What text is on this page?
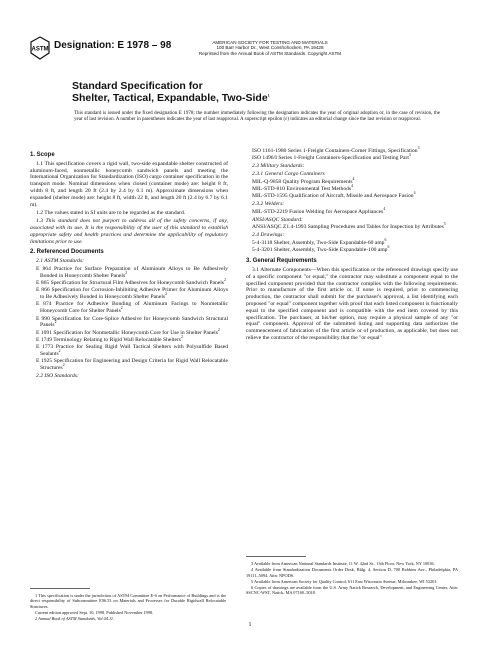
ASTM Designation: E 1978 – 98	AMERICAN SOCIETY FOR TESTING AND MATERIALS
100 Barr Harbor Dr., West Conshohocken, PA 19428
Reprinted from the Annual Book of ASTM Standards. Copyright ASTM
Standard Specification for
Shelter, Tactical, Expandable, Two-Side$^1$
This standard is issued under the fixed designation E 1978; the number immediately following the designation indicates the year of original adoption or, in the case of revision, the year of last revision. A number in parentheses indicates the year of last reapproval. A superscript epsilon (ε) indicates an editorial change since the last revision or reapproval.
1. Scope
1.1 This specification covers a rigid wall, two-side expandable shelter constructed of aluminum-faced, nonmetallic honeycomb sandwich panels and meeting the International Organization for Standardization (ISO) cargo container specification in the transport mode. Nominal dimensions when closed (container mode) are: height 8 ft, width 8 ft, and length 20 ft (2.4 by 2.4 by 6.1 m). Approximate dimensions when expanded (shelter mode) are: height 8 ft, width 22 ft, and length 20 ft (2.4 by 6.7 by 6.1 m).
1.2 The values stated in SI units are to be regarded as the standard.
1.3 This standard does not purport to address all of the safety concerns, if any, associated with its use. It is the responsibility of the user of this standard to establish appropriate safety and health practices and determine the applicability of regulatory limitations prior to use.
2. Referenced Documents
2.1 ASTM Standards:
E 864 Practice for Surface Preparation of Aluminum Alloys to Be Adhesively Bonded in Honeycomb Shelter Panels$^2$
E 865 Specification for Structural Film Adhesives for Honeycomb Sandwich Panels$^2$
E 866 Specification for Corrosion-Inhibiting Adhesive Primer for Aluminum Alloys to Be Adhesively Bonded in Honeycomb Shelter Panels$^2$
E 874 Practice for Adhesive Bonding of Aluminum Facings to Nonmetallic Honeycomb Core for Shelter Panels$^2$
E 990 Specification for Core-Splice Adhesive for Honeycomb Sandwich Structural Panels$^2$
E 1091 Specification for Nonmetallic Honeycomb Core for Use in Shelter Panels$^2$
E 1749 Terminology Relating to Rigid Wall Relocatable Shelters$^2$
E 1773 Practice for Sealing Rigid Wall Tactical Shelters with Polysulfide Based Sealants$^2$
E 1925 Specification for Engineering and Design Criteria for Rigid Wall Relocatable Structures$^2$
2.2 ISO Standards:
ISO 1161-1980 Series 1-Freight Containers-Corner Fittings, Specification$^3$
ISO 1496/I Series 1-Freight Containers-Specification and Testing Part$^3$
2.3 Military Standards:
2.3.1 General Cargo Containers
MIL-Q-9858 Quality Program Requirements$^4$
MIL-STD-810 Environmental Test Methods$^4$
MIL-STD-1595 Qualification of Aircraft, Missile and Aerospace Fusion$^4$
2.3.2 Welders:
MIL-STD-2219 Fusion Welding for Aerospace Appliances$^4$
ANSI/ASQC Standard:
ANSI/ASQC Z1.4-1993 Sampling Procedures and Tables for Inspection by Attributes$^5$
2.4 Drawings:
5-4-3118 Shelter, Assembly, Two-Side Expandable-60 amp$^6$
5-4-3201 Shelter, Assembly, Two-Side Expandable-100 amp$^6$
3. General Requirements
3.1 Alternate Components—When this specification or the referenced drawings specify use of a specific component "or equal," the contractor may substitute a component equal to the specified component provided that the contractor complies with the following requirements. Prior to manufacture of the first article or, if none is required, prior to commencing production, the contractor shall submit for the purchaser's approval, a list identifying each proposed "or equal" component together with proof that each listed component is functionally equal to the specified component and is compatible with the end item covered by this specification. The purchaser, at his/her option, may require a physical sample of any "or equal" component. Approval of the submitted listing and supporting data authorizes the commencement of fabrication of the first article or of production, as applicable, but does not relieve the contractor of the responsibility that the "or equal"
1 This specification is under the jurisdiction of ASTM Committee E-6 on Performance of Buildings and is the direct responsibility of Subcommittee E06.53 on Materials and Processes for Durable Rigidwall Relocatable Structures.
Current edition approved Sept. 10, 1998. Published November 1998.
2 Annual Book of ASTM Standards, Vol 04.11.
3 Available from American National Standards Institute, 11 W. 42nd St., 13th Floor, New York, NY 10036.
4 Available from Standardization Documents Order Desk, Bldg. 4, Section D, 700 Robbins Ave., Philadelphia, PA 19111–5094. Attn: NPODS.
5 Available from American Society for Quality Control, 611 East Wisconsin Avenue, Milwaukee, WI 53201.
6 Copies of drawings are available from the U.S. Army Natick Research, Development, and Engineering Center, Attn: SSCNC-WST, Natick, MA 07160–5018.
1
